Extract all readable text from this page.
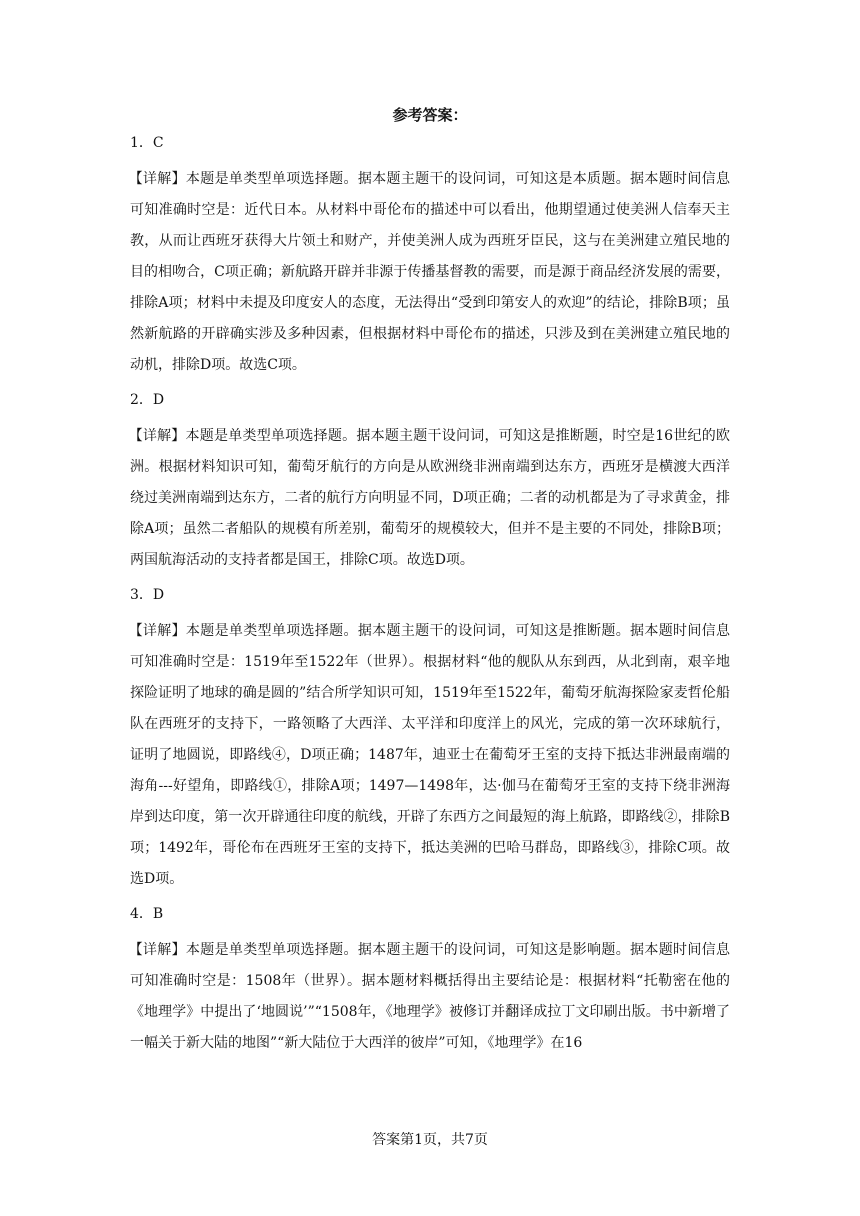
参考答案：
1．C
【详解】本题是单类型单项选择题。据本题主题干的设问词，可知这是本质题。据本题时间信息可知准确时空是：近代日本。从材料中哥伦布的描述中可以看出，他期望通过使美洲人信奉天主教，从而让西班牙获得大片领土和财产，并使美洲人成为西班牙臣民，这与在美洲建立殖民地的目的相吻合，C项正确；新航路开辟并非源于传播基督教的需要，而是源于商品经济发展的需要，排除A项；材料中未提及印度安人的态度，无法得出“受到印第安人的欢迎”的结论，排除B项；虽然新航路的开辟确实涉及多种因素，但根据材料中哥伦布的描述，只涉及到在美洲建立殖民地的动机，排除D项。故选C项。
2．D
【详解】本题是单类型单项选择题。据本题主题干设问词，可知这是推断题，时空是16世纪的欧洲。根据材料知识可知，葡萄牙航行的方向是从欧洲绕非洲南端到达东方，西班牙是横渡大西洋绕过美洲南端到达东方，二者的航行方向明显不同，D项正确；二者的动机都是为了寻求黄金，排除A项；虽然二者船队的规模有所差别，葡萄牙的规模较大，但并不是主要的不同处，排除B项；两国航海活动的支持者都是国王，排除C项。故选D项。
3．D
【详解】本题是单类型单项选择题。据本题主题干的设问词，可知这是推断题。据本题时间信息可知准确时空是：1519年至1522年（世界）。根据材料“他的舰队从东到西，从北到南，艰辛地探险证明了地球的确是圆的”结合所学知识可知，1519年至1522年，葡萄牙航海探险家麦哲伦船队在西班牙的支持下，一路领略了大西洋、太平洋和印度洋上的风光，完成的第一次环球航行，证明了地圆说，即路线④，D项正确；1487年，迪亚士在葡萄牙王室的支持下抵达非洲最南端的海角---好望角，即路线①，排除A项；1497—1498年，达·伽马在葡萄牙王室的支持下绕非洲海岸到达印度，第一次开辟通往印度的航线，开辟了东西方之间最短的海上航路，即路线②，排除B项；1492年，哥伦布在西班牙王室的支持下，抵达美洲的巴哈马群岛，即路线③，排除C项。故选D项。
4．B
【详解】本题是单类型单项选择题。据本题主题干的设问词，可知这是影响题。据本题时间信息可知准确时空是：1508年（世界）。据本题材料概括得出主要结论是：根据材料“托勒密在他的《地理学》中提出了‘地圆说’”“1508年，《地理学》被修订并翻译成拉丁文印刷出版。书中新增了一幅关于新大陆的地图”“新大陆位于大西洋的彼岸”可知，《地理学》在16
答案第1页，共7页
